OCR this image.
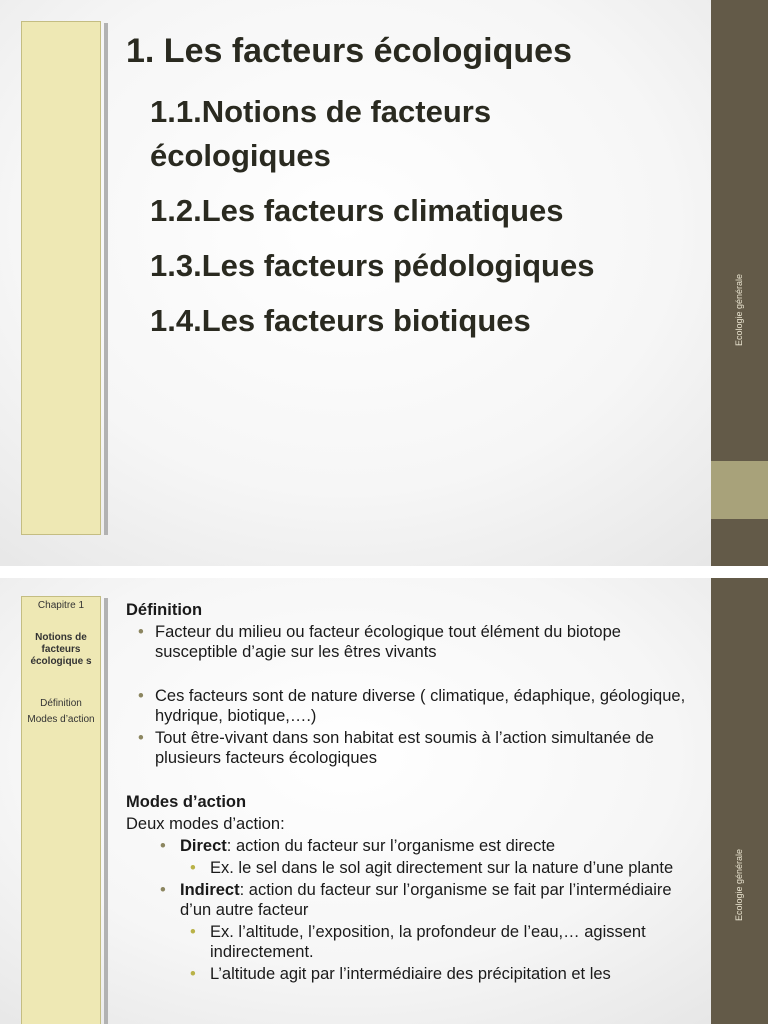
Ecologie générale
1. Les facteurs écologiques
1.1.Notions de facteurs écologiques
1.2.Les facteurs climatiques
1.3.Les facteurs pédologiques
1.4.Les facteurs biotiques
Chapitre 1
Notions de facteurs écologique s
Définition
Modes d’action
Ecologie générale
Définition
• Facteur du milieu ou facteur écologique tout élément du biotope susceptible d’agie sur les êtres vivants
• Ces facteurs sont de nature diverse ( climatique, édaphique, géologique, hydrique, biotique,….)
• Tout être-vivant dans son habitat est soumis à l’action simultanée de plusieurs facteurs écologiques
Modes d’action
Deux modes d’action:
• Direct: action du facteur sur l’organisme est directe
• Ex. le sel dans le sol agit directement sur la nature d’une plante
• Indirect: action du facteur sur l’organisme se fait par l’intermédiaire d’un autre facteur
• Ex. l’altitude, l’exposition, la profondeur de l’eau,… agissent indirectement.
• L’altitude agit par l’intermédiaire des précipitation et les
